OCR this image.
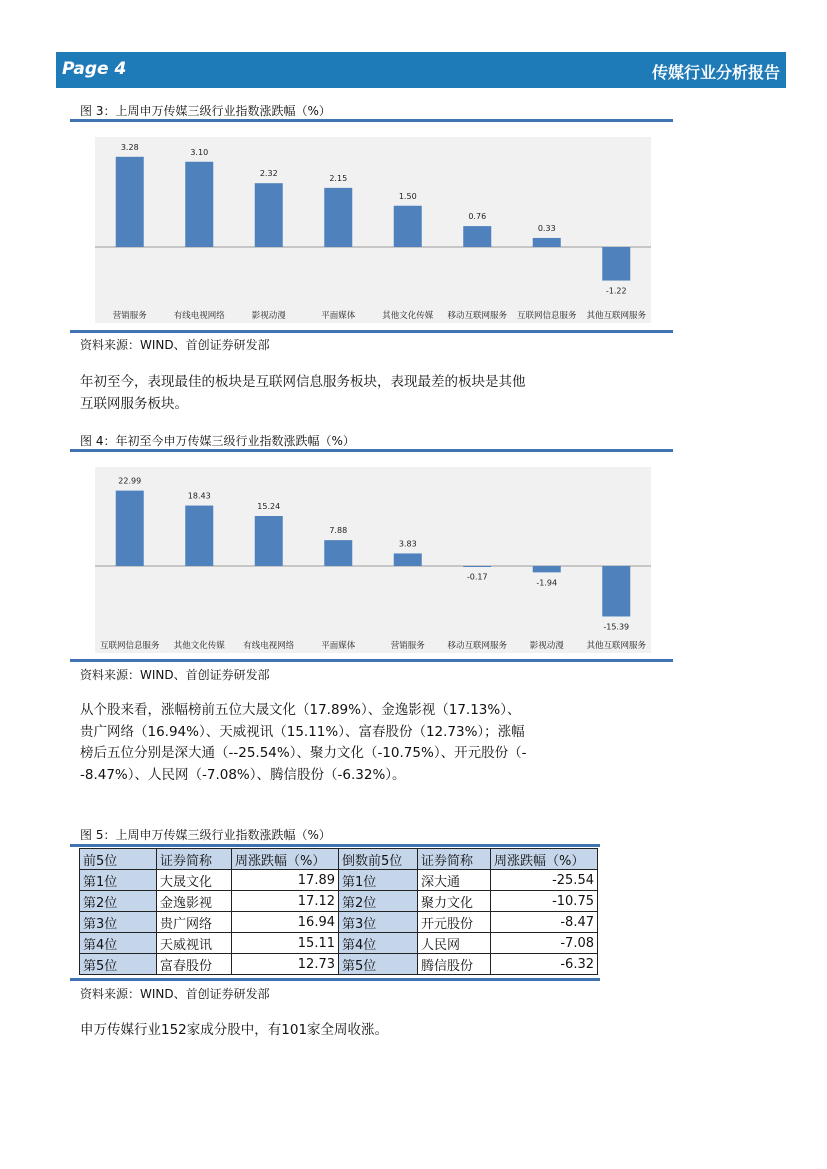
Page 4	传媒行业分析报告
图 3：上周申万传媒三级行业指数涨跌幅（%）
3.28
营销服务
3.10
有线电视网络
2.32
影视动漫
2.15
平面媒体
1.50
其他文化传媒
0.76
移动互联网服务
0.33
互联网信息服务
-1.22
其他互联网服务
资料来源：WIND、首创证券研发部

年初至今，表现最佳的板块是互联网信息服务板块，表现最差的板块是其他互联网服务板块。

图 4：年初至今申万传媒三级行业指数涨跌幅（%）
22.99
互联网信息服务
18.43
其他文化传媒
15.24
有线电视网络
7.88
平面媒体
3.83
营销服务
-0.17
移动互联网服务
-1.94
影视动漫
-15.39
其他互联网服务
资料来源：WIND、首创证券研发部

从个股来看，涨幅榜前五位大晟文化（17.89%）、金逸影视（17.13%）、贵广网络（16.94%）、天威视讯（15.11%）、富春股份（12.73%）；涨幅榜后五位分别是深大通（--25.54%）、聚力文化（-10.75%）、开元股份（--8.47%）、人民网（-7.08%）、腾信股份（-6.32%）。

图 5：上周申万传媒三级行业指数涨跌幅（%）
前5位	证券简称	周涨跌幅（%）	倒数前5位	证券简称	周涨跌幅（%）
第1位	大晟文化	17.89	第1位	深大通	-25.54
第2位	金逸影视	17.12	第2位	聚力文化	-10.75
第3位	贵广网络	16.94	第3位	开元股份	-8.47
第4位	天威视讯	15.11	第4位	人民网	-7.08
第5位	富春股份	12.73	第5位	腾信股份	-6.32
资料来源：WIND、首创证券研发部

申万传媒行业152家成分股中，有101家全周收涨。
